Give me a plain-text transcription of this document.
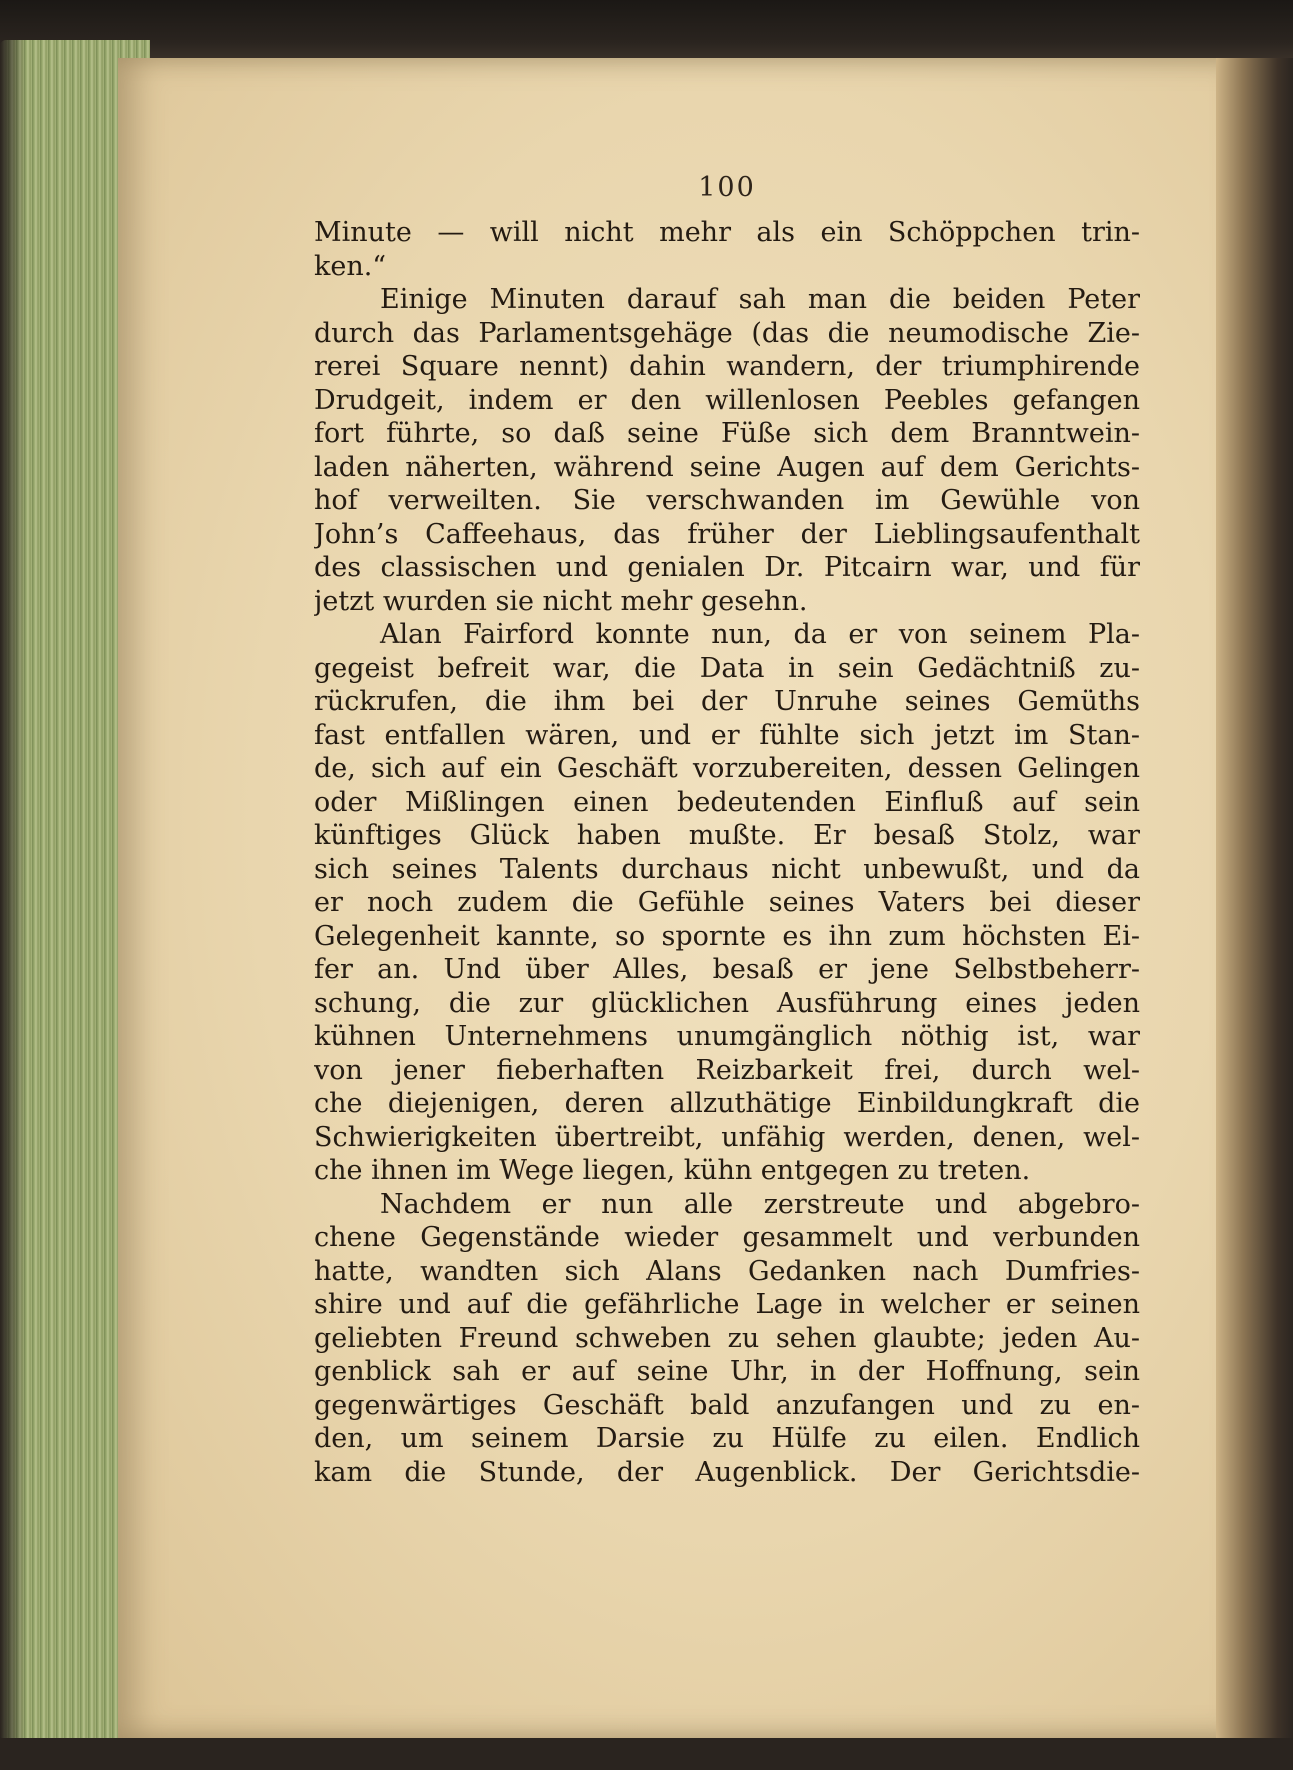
100
Minute — will nicht mehr als ein Schöppchen trin-
ken.“
Einige Minuten darauf sah man die beiden Peter
durch das Parlamentsgehäge (das die neumodische Zie-
rerei Square nennt) dahin wandern, der triumphirende
Drudgeit, indem er den willenlosen Peebles gefangen
fort führte, so daß seine Füße sich dem Branntwein-
laden näherten, während seine Augen auf dem Gerichts-
hof verweilten. Sie verschwanden im Gewühle von
John’s Caffeehaus, das früher der Lieblingsaufenthalt
des classischen und genialen Dr. Pitcairn war, und für
jetzt wurden sie nicht mehr gesehn.
Alan Fairford konnte nun, da er von seinem Pla-
gegeist befreit war, die Data in sein Gedächtniß zu-
rückrufen, die ihm bei der Unruhe seines Gemüths
fast entfallen wären, und er fühlte sich jetzt im Stan-
de, sich auf ein Geschäft vorzubereiten, dessen Gelingen
oder Mißlingen einen bedeutenden Einfluß auf sein
künftiges Glück haben mußte. Er besaß Stolz, war
sich seines Talents durchaus nicht unbewußt, und da
er noch zudem die Gefühle seines Vaters bei dieser
Gelegenheit kannte, so spornte es ihn zum höchsten Ei-
fer an. Und über Alles, besaß er jene Selbstbeherr-
schung, die zur glücklichen Ausführung eines jeden
kühnen Unternehmens unumgänglich nöthig ist, war
von jener fieberhaften Reizbarkeit frei, durch wel-
che diejenigen, deren allzuthätige Einbildungkraft die
Schwierigkeiten übertreibt, unfähig werden, denen, wel-
che ihnen im Wege liegen, kühn entgegen zu treten.
Nachdem er nun alle zerstreute und abgebro-
chene Gegenstände wieder gesammelt und verbunden
hatte, wandten sich Alans Gedanken nach Dumfries-
shire und auf die gefährliche Lage in welcher er seinen
geliebten Freund schweben zu sehen glaubte; jeden Au-
genblick sah er auf seine Uhr, in der Hoffnung, sein
gegenwärtiges Geschäft bald anzufangen und zu en-
den, um seinem Darsie zu Hülfe zu eilen. Endlich
kam die Stunde, der Augenblick. Der Gerichtsdie-
